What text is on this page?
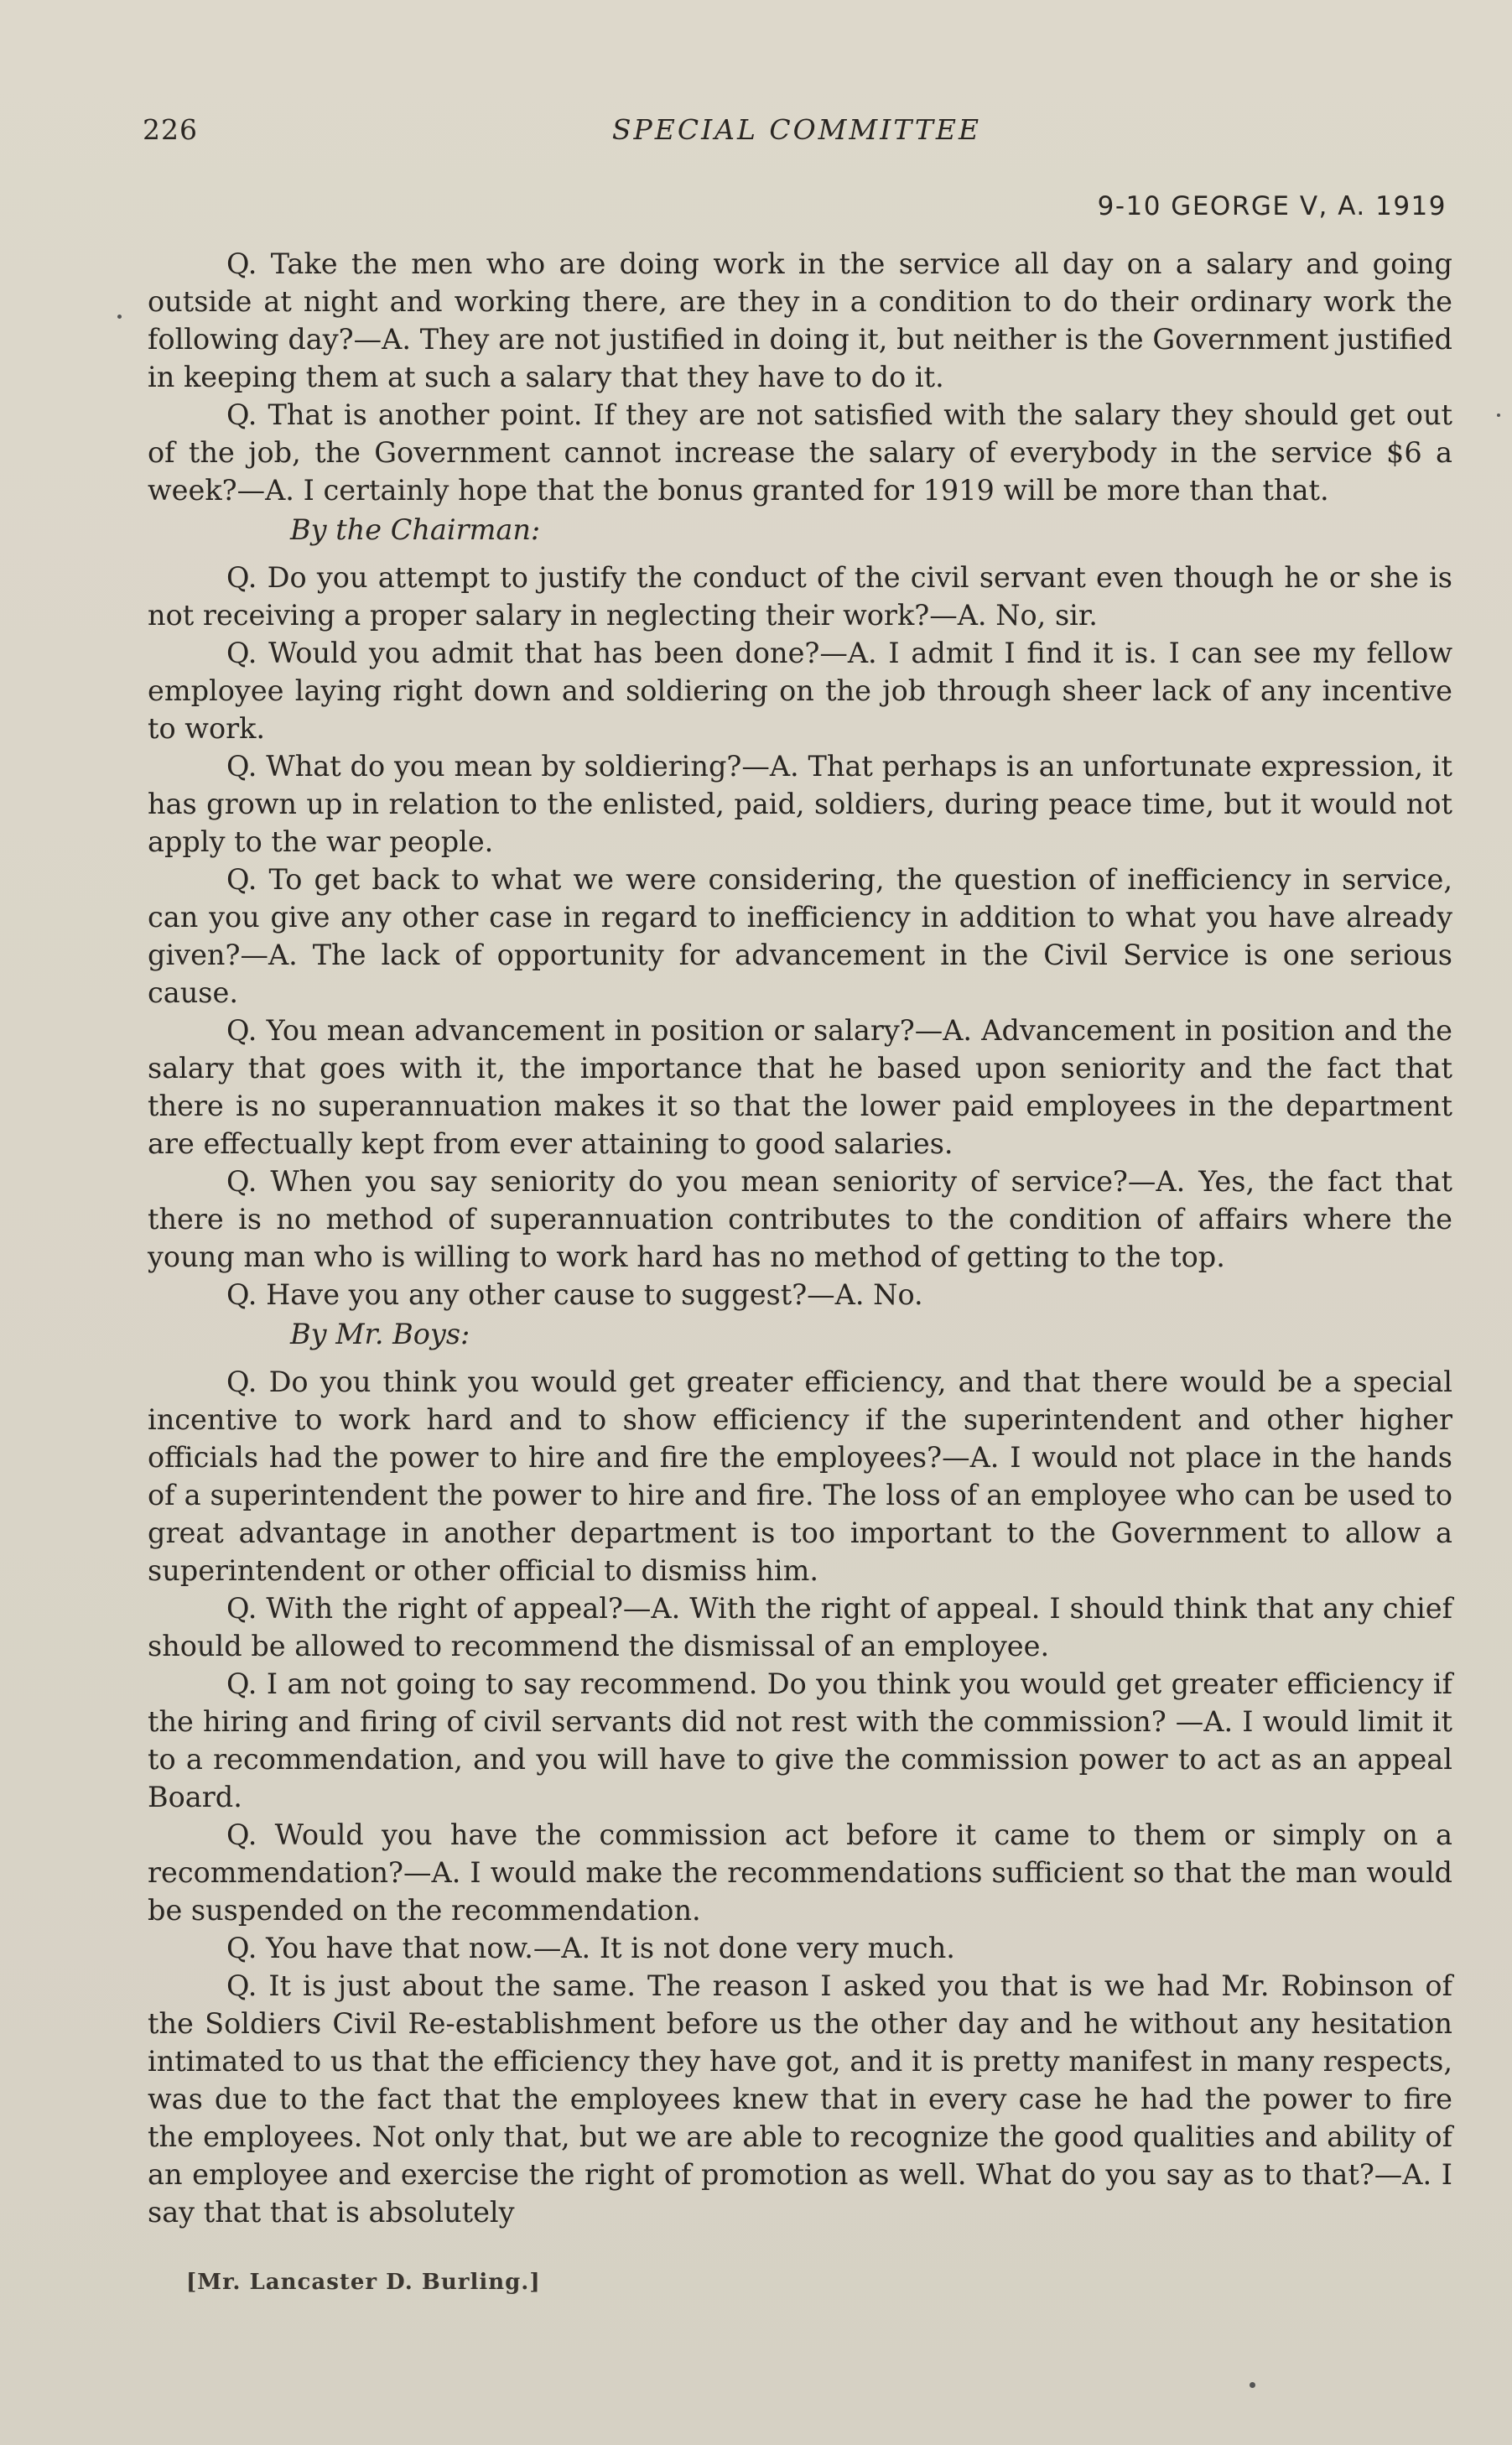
226	SPECIAL COMMITTEE
9-10 GEORGE V, A. 1919

Q. Take the men who are doing work in the service all day on a salary and going outside at night and working there, are they in a condition to do their ordinary work the following day?—A. They are not justified in doing it, but neither is the Government justified in keeping them at such a salary that they have to do it.

Q. That is another point. If they are not satisfied with the salary they should get out of the job, the Government cannot increase the salary of everybody in the service $6 a week?—A. I certainly hope that the bonus granted for 1919 will be more than that.

By the Chairman:

Q. Do you attempt to justify the conduct of the civil servant even though he or she is not receiving a proper salary in neglecting their work?—A. No, sir.

Q. Would you admit that has been done?—A. I admit I find it is. I can see my fellow employee laying right down and soldiering on the job through sheer lack of any incentive to work.

Q. What do you mean by soldiering?—A. That perhaps is an unfortunate expression, it has grown up in relation to the enlisted, paid, soldiers, during peace time, but it would not apply to the war people.

Q. To get back to what we were considering, the question of inefficiency in service, can you give any other case in regard to inefficiency in addition to what you have already given?—A. The lack of opportunity for advancement in the Civil Service is one serious cause.

Q. You mean advancement in position or salary?—A. Advancement in position and the salary that goes with it, the importance that he based upon seniority and the fact that there is no superannuation makes it so that the lower paid employees in the department are effectually kept from ever attaining to good salaries.

Q. When you say seniority do you mean seniority of service?—A. Yes, the fact that there is no method of superannuation contributes to the condition of affairs where the young man who is willing to work hard has no method of getting to the top.

Q. Have you any other cause to suggest?—A. No.

By Mr. Boys:

Q. Do you think you would get greater efficiency, and that there would be a special incentive to work hard and to show efficiency if the superintendent and other higher officials had the power to hire and fire the employees?—A. I would not place in the hands of a superintendent the power to hire and fire. The loss of an employee who can be used to great advantage in another department is too important to the Government to allow a superintendent or other official to dismiss him.

Q. With the right of appeal?—A. With the right of appeal. I should think that any chief should be allowed to recommend the dismissal of an employee.

Q. I am not going to say recommend. Do you think you would get greater efficiency if the hiring and firing of civil servants did not rest with the commission? —A. I would limit it to a recommendation, and you will have to give the commission power to act as an appeal Board.

Q. Would you have the commission act before it came to them or simply on a recommendation?—A. I would make the recommendations sufficient so that the man would be suspended on the recommendation.

Q. You have that now.—A. It is not done very much.

Q. It is just about the same. The reason I asked you that is we had Mr. Robinson of the Soldiers Civil Re-establishment before us the other day and he without any hesitation intimated to us that the efficiency they have got, and it is pretty manifest in many respects, was due to the fact that the employees knew that in every case he had the power to fire the employees. Not only that, but we are able to recognize the good qualities and ability of an employee and exercise the right of promotion as well. What do you say as to that?—A. I say that that is absolutely

[Mr. Lancaster D. Burling.]
